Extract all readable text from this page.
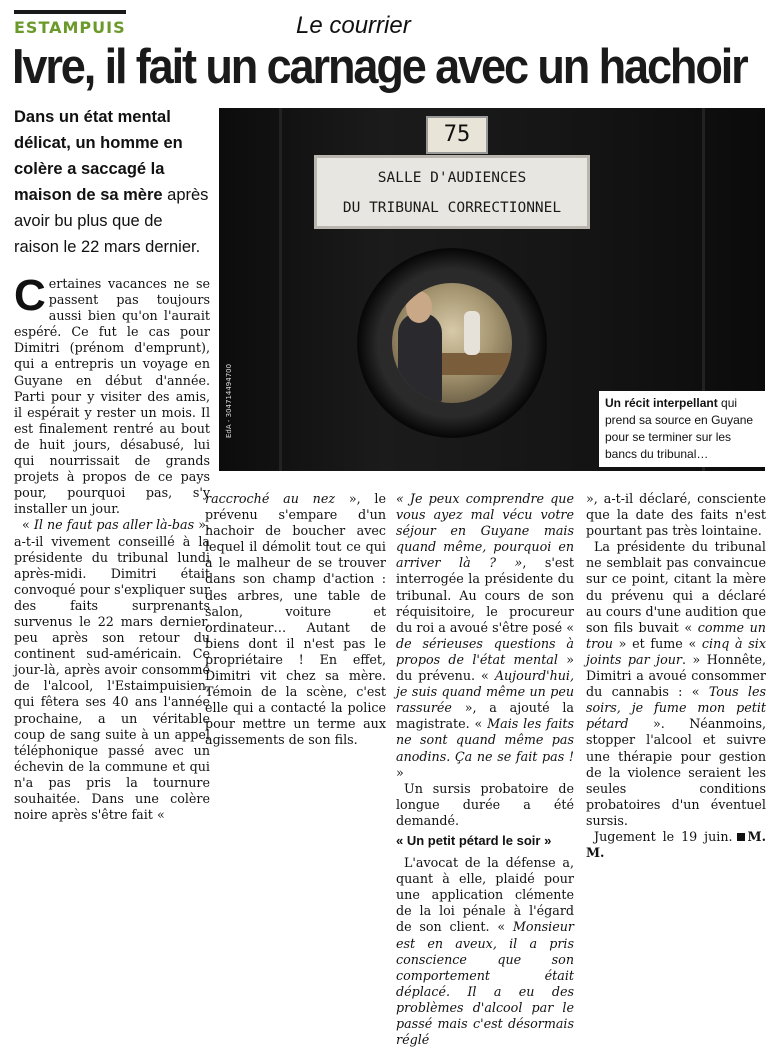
ESTAMPUIS	Le courrier
Ivre, il fait un carnage avec un hachoir
Dans un état mental délicat, un homme en colère a saccagé la maison de sa mère après avoir bu plus que de raison le 22 mars dernier.
75
SALLE D'AUDIENCES
DU TRIBUNAL CORRECTIONNEL
EdA - 304714494700	Un récit interpellant qui prend sa source en Guyane pour se terminer sur les bancs du tribunal…

Certaines vacances ne se passent pas toujours aussi bien qu'on l'aurait espéré. Ce fut le cas pour Dimitri (prénom d'emprunt), qui a entrepris un voyage en Guyane en début d'année. Parti pour y visiter des amis, il espérait y rester un mois. Il est finalement rentré au bout de huit jours, désabusé, lui qui nourrissait de grands projets à propos de ce pays pour, pourquoi pas, s'y installer un jour.

« Il ne faut pas aller là-bas », a-t-il vivement conseillé à la présidente du tribunal lundi après-midi. Dimitri était convoqué pour s'expliquer sur des faits surprenants survenus le 22 mars dernier, peu après son retour du continent sud-américain. Ce jour-là, après avoir consommé de l'alcool, l'Estaimpuisien, qui fêtera ses 40 ans l'année prochaine, a un véritable coup de sang suite à un appel téléphonique passé avec un échevin de la commune et qui n'a pas pris la tournure souhaitée. Dans une colère noire après s'être fait «

raccroché au nez », le prévenu s'empare d'un hachoir de boucher avec lequel il démolit tout ce qui a le malheur de se trouver dans son champ d'action : des arbres, une table de salon, voiture et ordinateur… Autant de biens dont il n'est pas le propriétaire ! En effet, Dimitri vit chez sa mère. Témoin de la scène, c'est elle qui a contacté la police pour mettre un terme aux agissements de son fils.

« Je peux comprendre que vous ayez mal vécu votre séjour en Guyane mais quand même, pourquoi en arriver là ? », s'est interrogée la présidente du tribunal. Au cours de son réquisitoire, le procureur du roi a avoué s'être posé « de sérieuses questions à propos de l'état mental » du prévenu. « Aujourd'hui, je suis quand même un peu rassurée », a ajouté la magistrate. « Mais les faits ne sont quand même pas anodins. Ça ne se fait pas ! »

Un sursis probatoire de longue durée a été demandé.

« Un petit pétard le soir »

L'avocat de la défense a, quant à elle, plaidé pour une application clémente de la loi pénale à l'égard de son client. « Monsieur est en aveux, il a pris conscience que son comportement était déplacé. Il a eu des problèmes d'alcool par le passé mais c'est désormais réglé

», a-t-il déclaré, consciente que la date des faits n'est pourtant pas très lointaine.

La présidente du tribunal ne semblait pas convaincue sur ce point, citant la mère du prévenu qui a déclaré au cours d'une audition que son fils buvait « comme un trou » et fume « cinq à six joints par jour. » Honnête, Dimitri a avoué consommer du cannabis : « Tous les soirs, je fume mon petit pétard ». Néanmoins, stopper l'alcool et suivre une thérapie pour gestion de la violence seraient les seules conditions probatoires d'un éventuel sursis.

Jugement le 19 juin. M. M.
